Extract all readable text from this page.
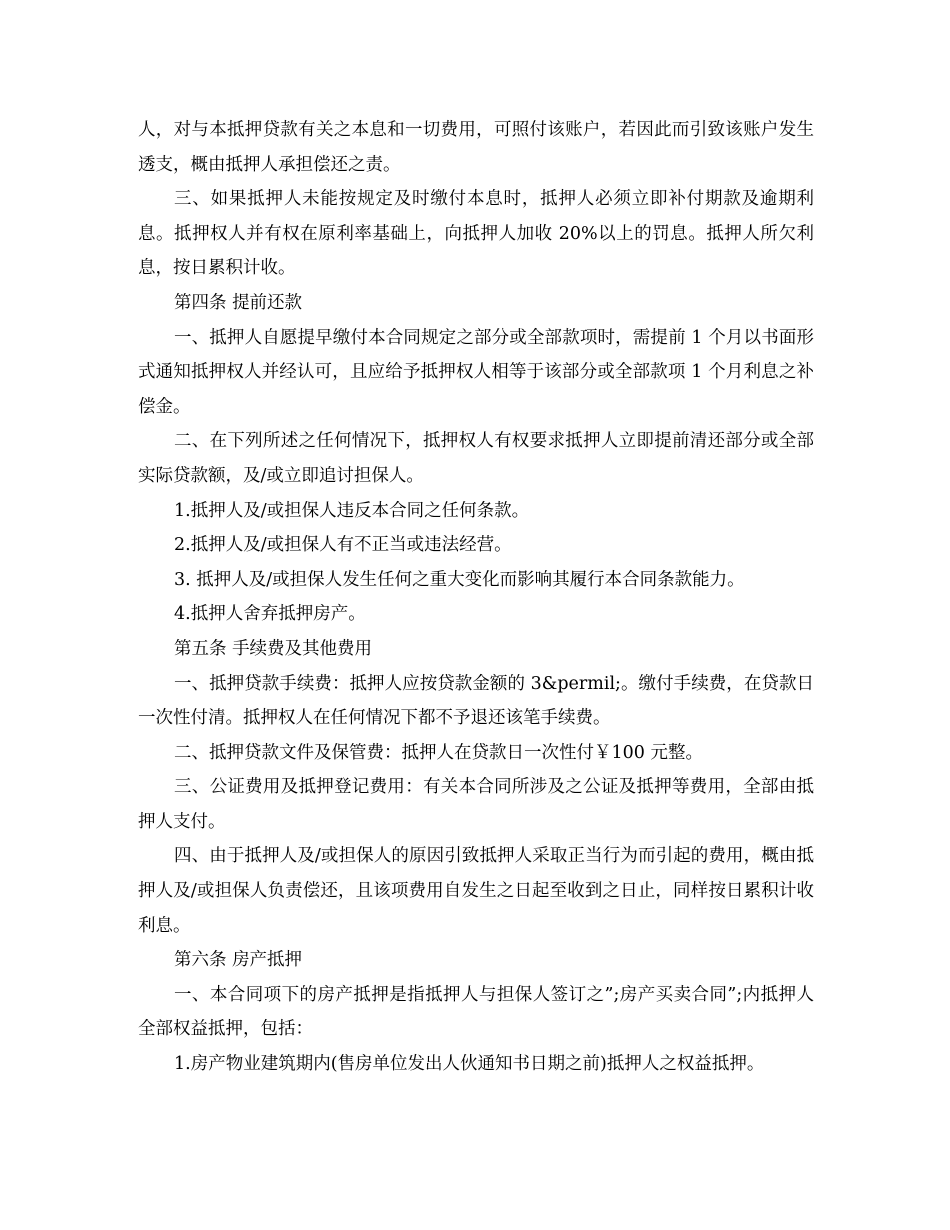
人，对与本抵押贷款有关之本息和一切费用，可照付该账户，若因此而引致该账户发生透支，概由抵押人承担偿还之责。

三、如果抵押人未能按规定及时缴付本息时，抵押人必须立即补付期款及逾期利息。抵押权人并有权在原利率基础上，向抵押人加收 20%以上的罚息。抵押人所欠利息，按日累积计收。

第四条 提前还款

一、抵押人自愿提早缴付本合同规定之部分或全部款项时，需提前 1 个月以书面形式通知抵押权人并经认可，且应给予抵押权人相等于该部分或全部款项 1 个月利息之补偿金。

二、在下列所述之任何情况下，抵押权人有权要求抵押人立即提前清还部分或全部实际贷款额，及/或立即追讨担保人。

1.抵押人及/或担保人违反本合同之任何条款。

2.抵押人及/或担保人有不正当或违法经营。

3. 抵押人及/或担保人发生任何之重大变化而影响其履行本合同条款能力。

4.抵押人舍弃抵押房产。

第五条 手续费及其他费用

一、抵押贷款手续费：抵押人应按贷款金额的 3&permil;。缴付手续费，在贷款日一次性付清。抵押权人在任何情况下都不予退还该笔手续费。

二、抵押贷款文件及保管费：抵押人在贷款日一次性付￥100 元整。

三、公证费用及抵押登记费用：有关本合同所涉及之公证及抵押等费用，全部由抵押人支付。

四、由于抵押人及/或担保人的原因引致抵押人采取正当行为而引起的费用，概由抵押人及/或担保人负责偿还，且该项费用自发生之日起至收到之日止，同样按日累积计收利息。

第六条 房产抵押

一、本合同项下的房产抵押是指抵押人与担保人签订之”;房产买卖合同”;内抵押人全部权益抵押，包括：

1.房产物业建筑期内(售房单位发出人伙通知书日期之前)抵押人之权益抵押。
